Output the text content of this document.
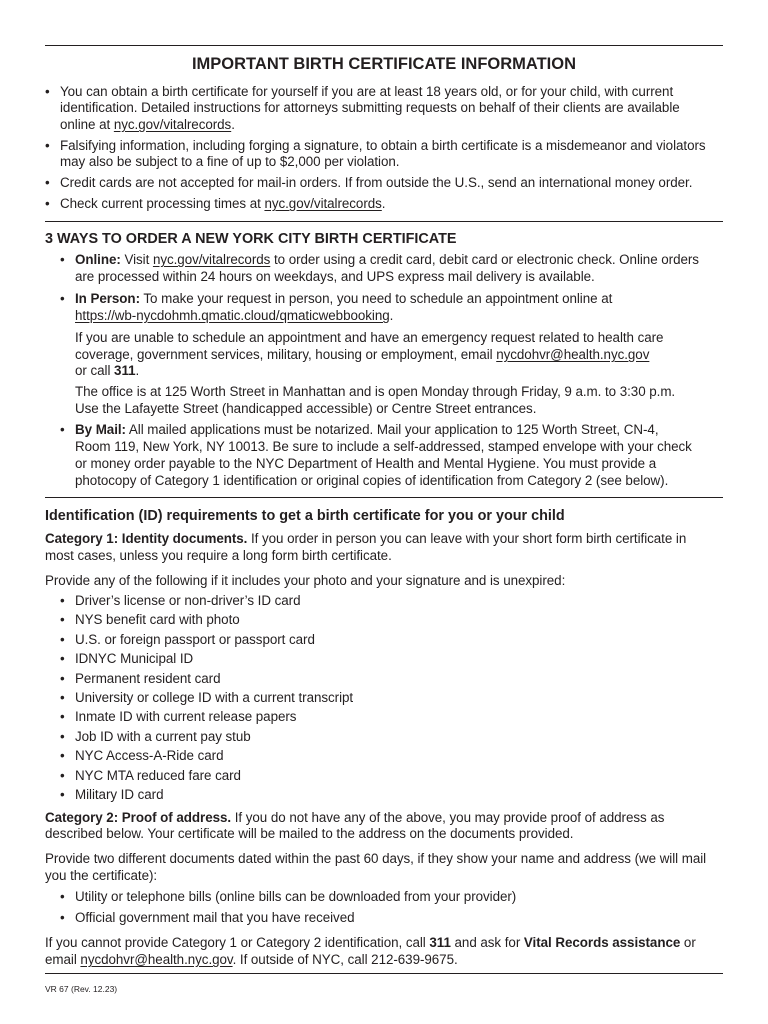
IMPORTANT BIRTH CERTIFICATE INFORMATION
• You can obtain a birth certificate for yourself if you are at least 18 years old, or for your child, with current
identification. Detailed instructions for attorneys submitting requests on behalf of their clients are available
online at nyc.gov/vitalrecords.
• Falsifying information, including forging a signature, to obtain a birth certificate is a misdemeanor and violators
may also be subject to a fine of up to $2,000 per violation.
• Credit cards are not accepted for mail-in orders. If from outside the U.S., send an international money order.
• Check current processing times at nyc.gov/vitalrecords.
3 WAYS TO ORDER A NEW YORK CITY BIRTH CERTIFICATE
• Online: Visit nyc.gov/vitalrecords to order using a credit card, debit card or electronic check. Online orders
are processed within 24 hours on weekdays, and UPS express mail delivery is available.
• In Person: To make your request in person, you need to schedule an appointment online at
https://wb-nycdohmh.qmatic.cloud/qmaticwebbooking.
If you are unable to schedule an appointment and have an emergency request related to health care
coverage, government services, military, housing or employment, email nycdohvr@health.nyc.gov
or call 311.
The office is at 125 Worth Street in Manhattan and is open Monday through Friday, 9 a.m. to 3:30 p.m.
Use the Lafayette Street (handicapped accessible) or Centre Street entrances.
• By Mail: All mailed applications must be notarized. Mail your application to 125 Worth Street, CN-4,
Room 119, New York, NY 10013. Be sure to include a self-addressed, stamped envelope with your check
or money order payable to the NYC Department of Health and Mental Hygiene. You must provide a
photocopy of Category 1 identification or original copies of identification from Category 2 (see below).
Identification (ID) requirements to get a birth certificate for you or your child
Category 1: Identity documents. If you order in person you can leave with your short form birth certificate in
most cases, unless you require a long form birth certificate.
Provide any of the following if it includes your photo and your signature and is unexpired:
• Driver’s license or non-driver’s ID card
• NYS benefit card with photo
• U.S. or foreign passport or passport card
• IDNYC Municipal ID
• Permanent resident card
• University or college ID with a current transcript
• Inmate ID with current release papers
• Job ID with a current pay stub
• NYC Access-A-Ride card
• NYC MTA reduced fare card
• Military ID card
Category 2: Proof of address. If you do not have any of the above, you may provide proof of address as
described below. Your certificate will be mailed to the address on the documents provided.
Provide two different documents dated within the past 60 days, if they show your name and address (we will mail
you the certificate):
• Utility or telephone bills (online bills can be downloaded from your provider)
• Official government mail that you have received
If you cannot provide Category 1 or Category 2 identification, call 311 and ask for Vital Records assistance or
email nycdohvr@health.nyc.gov. If outside of NYC, call 212-639-9675.
VR 67 (Rev. 12.23)
